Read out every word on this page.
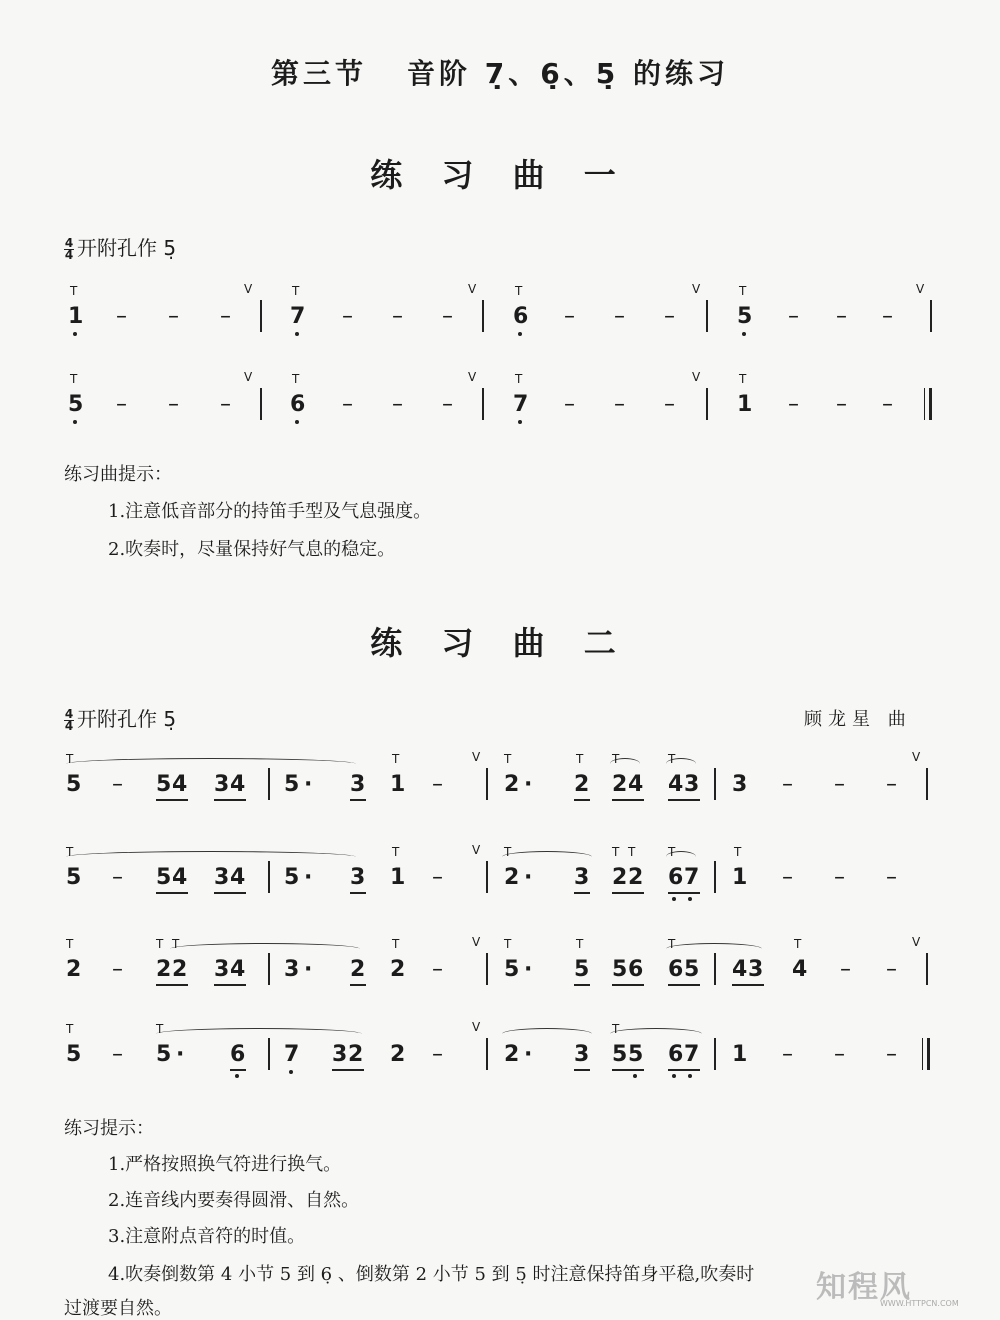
第三节 音阶 7̣、6̣、5̣ 的练习
练 习 曲 一
$\frac{4}{4}$ 开附孔作 5̣
T
1 – – –
V	T
7 – – –
V	T
6 – – –
V	T
5 – – –
V
T
5 – – –
V	T
6 – – –
V	T
7 – – –
V	T
1 – – –
练习曲提示：
1.注意低音部分的持笛手型及气息强度。
2.吹奏时，尽量保持好气息的稳定。
练 习 曲 二
$\frac{4}{4}$ 开附孔作 5̣	顾龙星 曲
T
5 – 5 4 3 4 5 · 3
T
1 –
V T
2 ·
T
2
T
2 4
T
4 3 3 – – –
V
T
5 – 5 4 3 4 5 · 3
T
1 –
V T
2 · 3
T T
2 2
T
6 7
T
1 – – –
T
2 –
T T
2 2 3 4 3 · 2
T
2 –
V T
5 ·
T
5 5 6
T
6 5 4 3
T
4 – –
V
T
5 –
T
5 · 6 7 3 2 2 –
V
2 · 3
T
5 5 6 7 1 – – –
练习提示：
1.严格按照换气符进行换气。
2.连音线内要奏得圆滑、自然。
3.注意附点音符的时值。
4.吹奏倒数第 4 小节 5 到 6̣ 、倒数第 2 小节 5 到 5̣ 时注意保持笛身平稳,吹奏时
过渡要自然。
知程风
WWW.HTTPCN.COM
